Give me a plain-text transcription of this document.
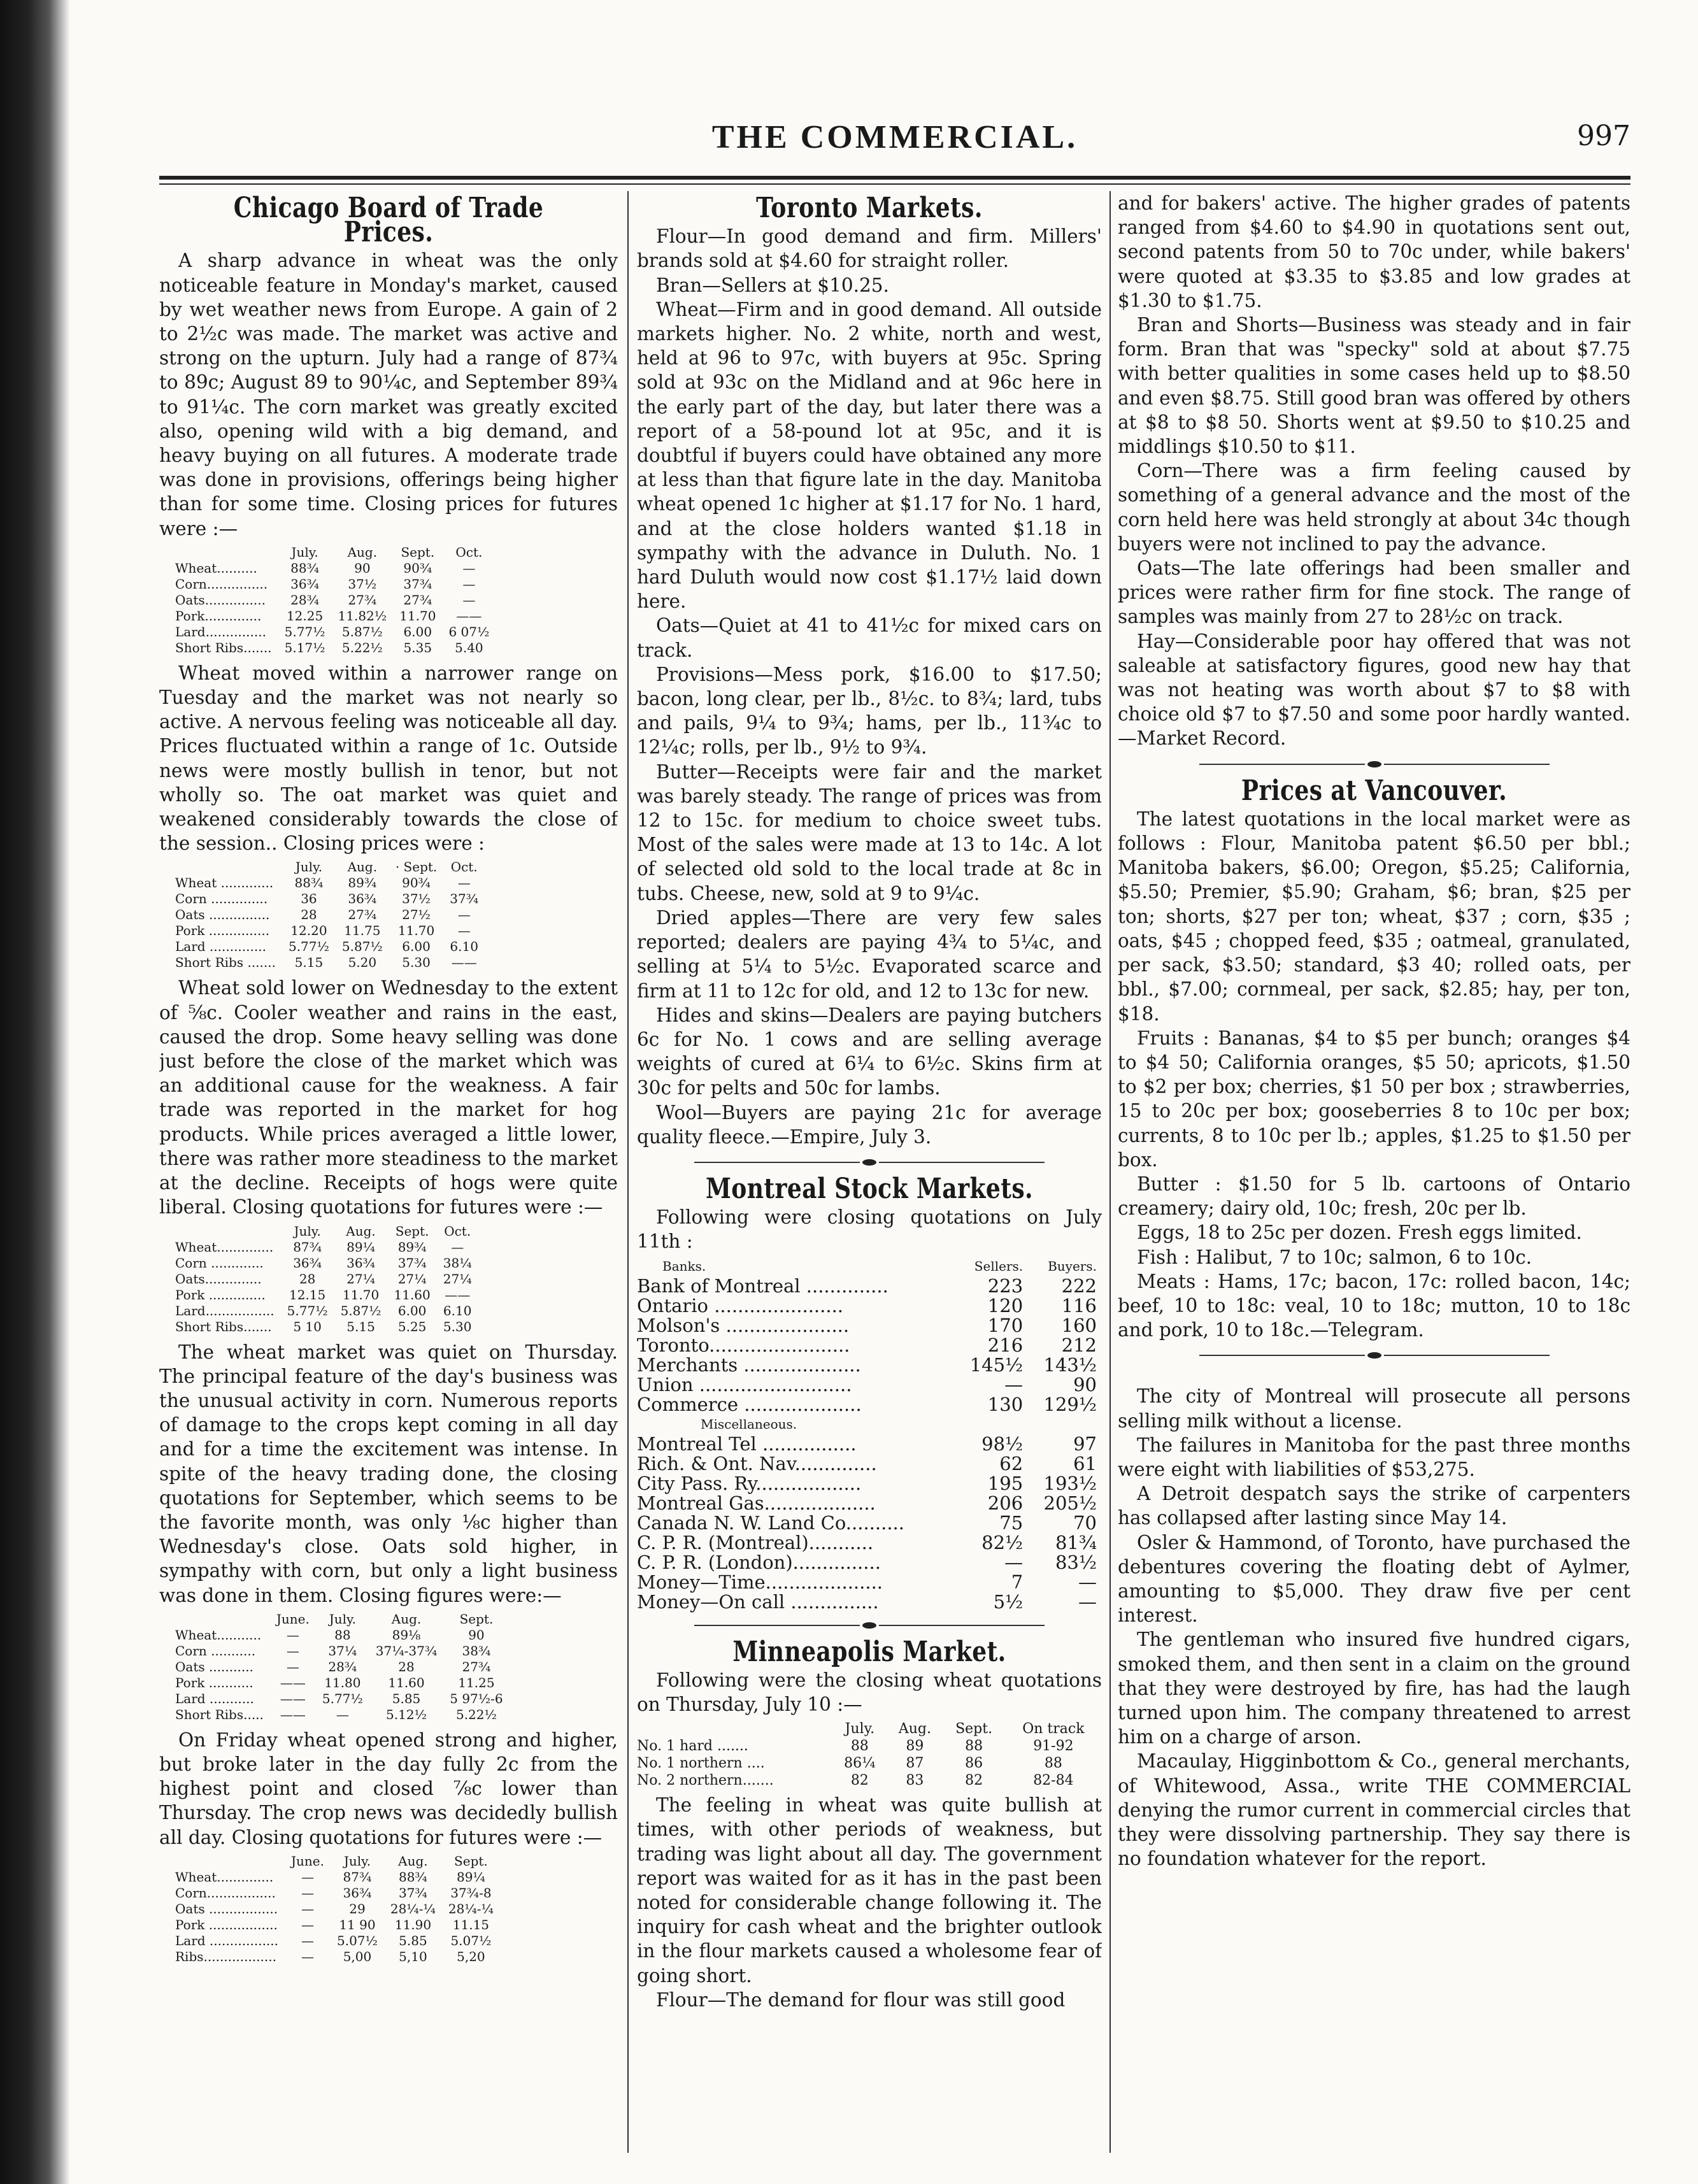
THE COMMERCIAL.	997
Chicago Board of Trade Prices.

A sharp advance in wheat was the only noticeable feature in Monday's market, caused by wet weather news from Europe. A gain of 2 to 2½c was made. The market was active and strong on the upturn. July had a range of 87¾ to 89c; August 89 to 90¼c, and September 89¾ to 91¼c. The corn market was greatly excited also, opening wild with a big demand, and heavy buying on all futures. A moderate trade was done in provisions, offerings being higher than for some time. Closing prices for futures were :—

	July.	Aug.	Sept.	Oct.
Wheat..........	88¾	90	90¾	—
Corn...............	36¾	37½	37¾	—
Oats...............	28¾	27¾	27¾	—
Pork..............	12.25	11.82½	11.70	——
Lard...............	5.77½	5.87½	6.00	6 07½
Short Ribs.......	5.17½	5.22½	5.35	5.40

Wheat moved within a narrower range on Tuesday and the market was not nearly so active. A nervous feeling was noticeable all day. Prices fluctuated within a range of 1c. Outside news were mostly bullish in tenor, but not wholly so. The oat market was quiet and weakened considerably towards the close of the session.. Closing prices were :

	July.	Aug.	· Sept.	Oct.
Wheat .............	88¾	89¾	90¾	—
Corn ..............	36	36¾	37½	37¾
Oats ...............	28	27¾	27½	—
Pork ...............	12.20	11.75	11.70	—
Lard ..............	5.77½	5.87½	6.00	6.10
Short Ribs .......	5.15	5.20	5.30	——

Wheat sold lower on Wednesday to the extent of ⅝c. Cooler weather and rains in the east, caused the drop. Some heavy selling was done just before the close of the market which was an additional cause for the weakness. A fair trade was reported in the market for hog products. While prices averaged a little lower, there was rather more steadiness to the market at the decline. Receipts of hogs were quite liberal. Closing quotations for futures were :—

	July.	Aug.	Sept.	Oct.
Wheat..............	87¾	89¼	89¾	—
Corn .............	36¾	36¾	37¾	38¼
Oats..............	28	27¼	27¼	27¼
Pork ..............	12.15	11.70	11.60	——
Lard.................	5.77½	5.87½	6.00	6.10
Short Ribs.......	5 10	5.15	5.25	5.30

The wheat market was quiet on Thursday. The principal feature of the day's business was the unusual activity in corn. Numerous reports of damage to the crops kept coming in all day and for a time the excitement was intense. In spite of the heavy trading done, the closing quotations for September, which seems to be the favorite month, was only ⅛c higher than Wednesday's close. Oats sold higher, in sympathy with corn, but only a light business was done in them. Closing figures were:—

	June.	July.	Aug.	Sept.
Wheat...........	—	88	89⅛	90
Corn ...........	—	37¼	37¼-37¾	38¾
Oats ...........	—	28¾	28	27¾
Pork ...........	——	11.80	11.60	11.25
Lard ...........	——	5.77½	5.85	5 97½-6
Short Ribs.....	——	—	5.12½	5.22½

On Friday wheat opened strong and higher, but broke later in the day fully 2c from the highest point and closed ⅞c lower than Thursday. The crop news was decidedly bullish all day. Closing quotations for futures were :—

	June.	July.	Aug.	Sept.
Wheat..............	—	87¾	88¾	89¼
Corn.................	—	36¾	37¾	37¾-8
Oats .................	—	29	28¼-¼	28¼-¼
Pork .................	—	11 90	11.90	11.15
Lard .................	—	5.07½	5.85	5.07½
Ribs..................	—	5,00	5,10	5,20
Toronto Markets.

Flour—In good demand and firm. Millers' brands sold at $4.60 for straight roller.

Bran—Sellers at $10.25.

Wheat—Firm and in good demand. All outside markets higher. No. 2 white, north and west, held at 96 to 97c, with buyers at 95c. Spring sold at 93c on the Midland and at 96c here in the early part of the day, but later there was a report of a 58-pound lot at 95c, and it is doubtful if buyers could have obtained any more at less than that figure late in the day. Manitoba wheat opened 1c higher at $1.17 for No. 1 hard, and at the close holders wanted $1.18 in sympathy with the advance in Duluth. No. 1 hard Duluth would now cost $1.17½ laid down here.

Oats—Quiet at 41 to 41½c for mixed cars on track.

Provisions—Mess pork, $16.00 to $17.50; bacon, long clear, per lb., 8½c. to 8¾; lard, tubs and pails, 9¼ to 9¾; hams, per lb., 11¾c to 12¼c; rolls, per lb., 9½ to 9¾.

Butter—Receipts were fair and the market was barely steady. The range of prices was from 12 to 15c. for medium to choice sweet tubs. Most of the sales were made at 13 to 14c. A lot of selected old sold to the local trade at 8c in tubs. Cheese, new, sold at 9 to 9¼c.

Dried apples—There are very few sales reported; dealers are paying 4¾ to 5¼c, and selling at 5¼ to 5½c. Evaporated scarce and firm at 11 to 12c for old, and 12 to 13c for new.

Hides and skins—Dealers are paying butchers 6c for No. 1 cows and are selling average weights of cured at 6¼ to 6½c. Skins firm at 30c for pelts and 50c for lambs.

Wool—Buyers are paying 21c for average quality fleece.—Empire, July 3.

Montreal Stock Markets.

Following were closing quotations on July 11th :

Banks.	Sellers.	Buyers.
Bank of Montreal ..............	223	222
Ontario ......................	120	116
Molson's .....................	170	160
Toronto........................	216	212
Merchants ....................	145½	143½
Union ..........................	—	90
Commerce ....................	130	129½
Miscellaneous.		
Montreal Tel ................	98½	97
Rich. & Ont. Nav..............	62	61
City Pass. Ry..................	195	193½
Montreal Gas...................	206	205½
Canada N. W. Land Co..........	75	70
C. P. R. (Montreal)...........	82½	81¾
C. P. R. (London)...............	—	83½
Money—Time....................	7	—
Money—On call ...............	5½	—
Minneapolis Market.

Following were the closing wheat quotations on Thursday, July 10 :—

	July.	Aug.	Sept.	On track
No. 1 hard .......	88	89	88	91-92
No. 1 northern ....	86¼	87	86	88
No. 2 northern.......	82	83	82	82-84

The feeling in wheat was quite bullish at times, with other periods of weakness, but trading was light about all day. The government report was waited for as it has in the past been noted for considerable change following it. The inquiry for cash wheat and the brighter outlook in the flour markets caused a wholesome fear of going short.

Flour—The demand for flour was still good

and for bakers' active. The higher grades of patents ranged from $4.60 to $4.90 in quotations sent out, second patents from 50 to 70c under, while bakers' were quoted at $3.35 to $3.85 and low grades at $1.30 to $1.75.

Bran and Shorts—Business was steady and in fair form. Bran that was "specky" sold at about $7.75 with better qualities in some cases held up to $8.50 and even $8.75. Still good bran was offered by others at $8 to $8 50. Shorts went at $9.50 to $10.25 and middlings $10.50 to $11.

Corn—There was a firm feeling caused by something of a general advance and the most of the corn held here was held strongly at about 34c though buyers were not inclined to pay the advance.

Oats—The late offerings had been smaller and prices were rather firm for fine stock. The range of samples was mainly from 27 to 28½c on track.

Hay—Considerable poor hay offered that was not saleable at satisfactory figures, good new hay that was not heating was worth about $7 to $8 with choice old $7 to $7.50 and some poor hardly wanted.—Market Record.

Prices at Vancouver.

The latest quotations in the local market were as follows : Flour, Manitoba patent $6.50 per bbl.; Manitoba bakers, $6.00; Oregon, $5.25; California, $5.50; Premier, $5.90; Graham, $6; bran, $25 per ton; shorts, $27 per ton; wheat, $37 ; corn, $35 ; oats, $45 ; chopped feed, $35 ; oatmeal, granulated, per sack, $3.50; standard, $3 40; rolled oats, per bbl., $7.00; cornmeal, per sack, $2.85; hay, per ton, $18.

Fruits : Bananas, $4 to $5 per bunch; oranges $4 to $4 50; California oranges, $5 50; apricots, $1.50 to $2 per box; cherries, $1 50 per box ; strawberries, 15 to 20c per box; gooseberries 8 to 10c per box; currents, 8 to 10c per lb.; apples, $1.25 to $1.50 per box.

Butter : $1.50 for 5 lb. cartoons of Ontario creamery; dairy old, 10c; fresh, 20c per lb.

Eggs, 18 to 25c per dozen. Fresh eggs limited.

Fish : Halibut, 7 to 10c; salmon, 6 to 10c.

Meats : Hams, 17c; bacon, 17c: rolled bacon, 14c; beef, 10 to 18c: veal, 10 to 18c; mutton, 10 to 18c and pork, 10 to 18c.—Telegram.

The city of Montreal will prosecute all persons selling milk without a license.

The failures in Manitoba for the past three months were eight with liabilities of $53,275.

A Detroit despatch says the strike of carpenters has collapsed after lasting since May 14.

Osler & Hammond, of Toronto, have purchased the debentures covering the floating debt of Aylmer, amounting to $5,000. They draw five per cent interest.

The gentleman who insured five hundred cigars, smoked them, and then sent in a claim on the ground that they were destroyed by fire, has had the laugh turned upon him. The company threatened to arrest him on a charge of arson.

Macaulay, Higginbottom & Co., general merchants, of Whitewood, Assa., write THE COMMERCIAL denying the rumor current in commercial circles that they were dissolving partnership. They say there is no foundation whatever for the report.
